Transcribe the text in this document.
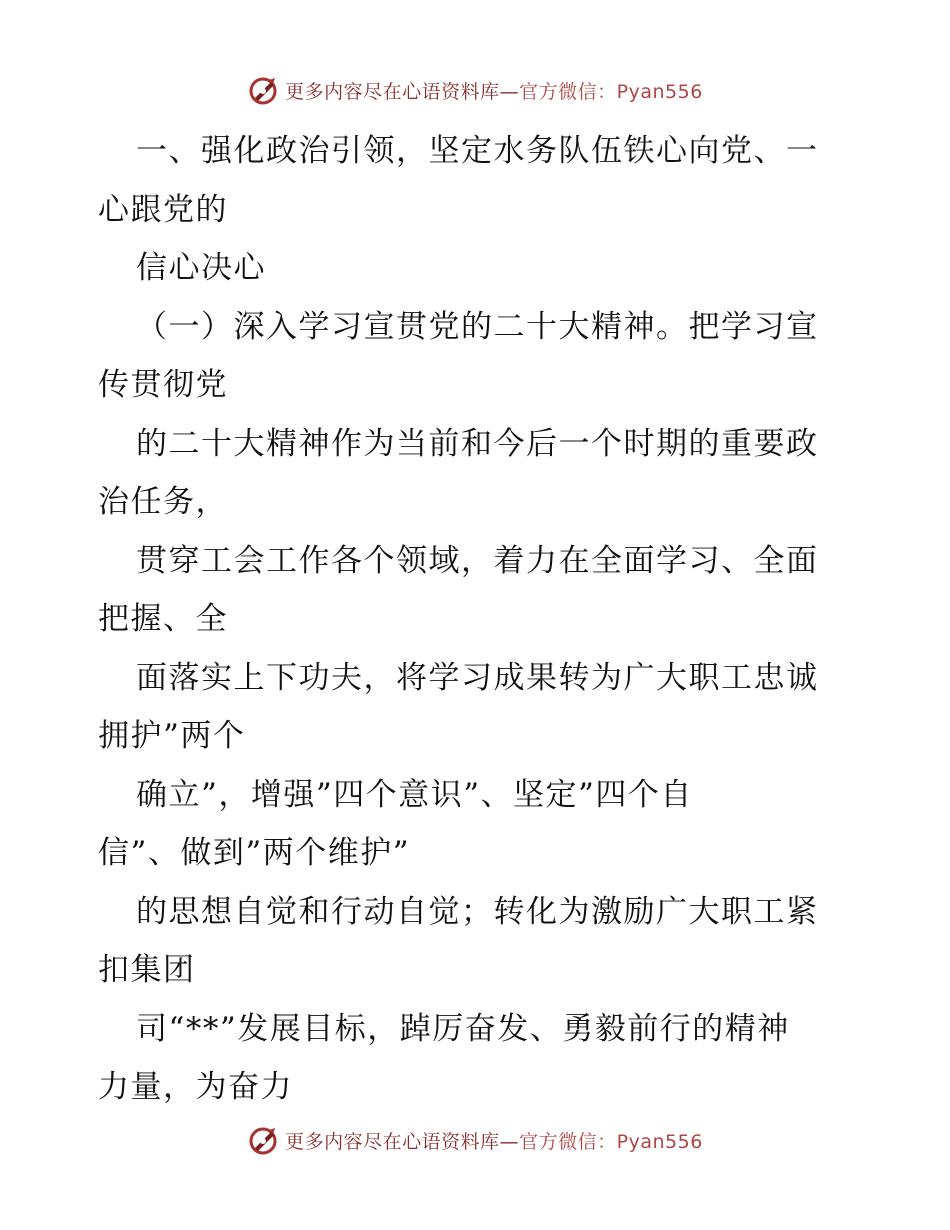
更多内容尽在心语资料库—官方微信：Pyan556
一、强化政治引领，坚定水务队伍铁心向党、一
心跟党的
信心决心
（一）深入学习宣贯党的二十大精神。把学习宣
传贯彻党
的二十大精神作为当前和今后一个时期的重要政
治任务，
贯穿工会工作各个领域，着力在全面学习、全面
把握、全
面落实上下功夫，将学习成果转为广大职工忠诚
拥护”两个
确立”，增强”四个意识”、坚定”四个自
信”、做到”两个维护”
的思想自觉和行动自觉；转化为激励广大职工紧
扣集团
司“**”发展目标，踔厉奋发、勇毅前行的精神
力量，为奋力
更多内容尽在心语资料库—官方微信：Pyan556
